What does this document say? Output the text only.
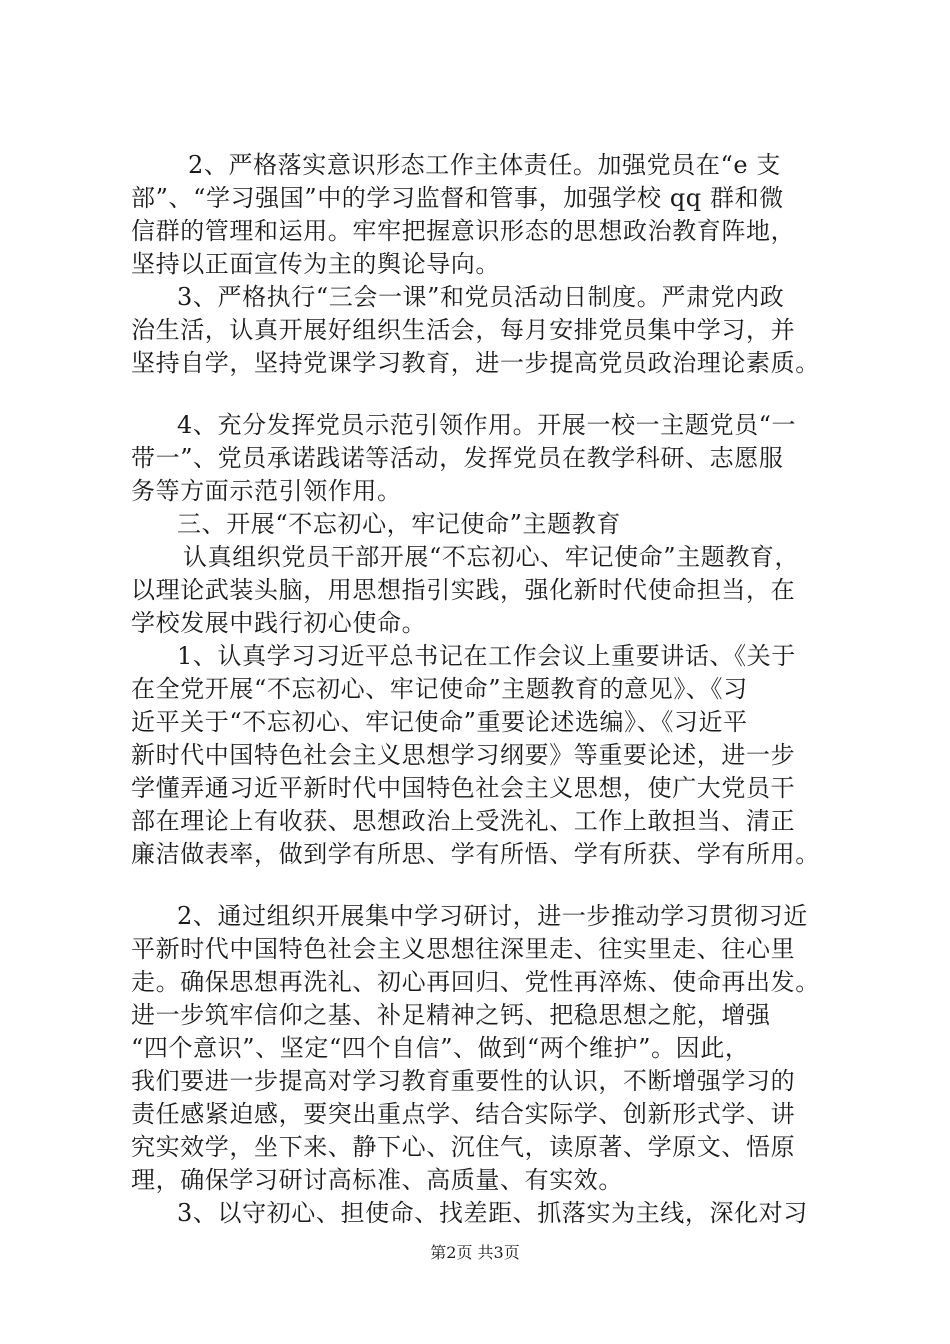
2、严格落实意识形态工作主体责任。加强党员在“e 支
部”、“学习强国”中的学习监督和管事，加强学校 qq 群和微
信群的管理和运用。牢牢把握意识形态的思想政治教育阵地，
坚持以正面宣传为主的舆论导向。
3、严格执行“三会一课”和党员活动日制度。严肃党内政
治生活，认真开展好组织生活会，每月安排党员集中学习，并
坚持自学，坚持党课学习教育，进一步提高党员政治理论素质。
4、充分发挥党员示范引领作用。开展一校一主题党员“一
带一”、党员承诺践诺等活动，发挥党员在教学科研、志愿服
务等方面示范引领作用。
三、开展“不忘初心，牢记使命”主题教育
认真组织党员干部开展“不忘初心、牢记使命”主题教育，
以理论武装头脑，用思想指引实践，强化新时代使命担当，在
学校发展中践行初心使命。
1、认真学习习近平总书记在工作会议上重要讲话、《关于
在全党开展“不忘初心、牢记使命”主题教育的意见》、《习
近平关于“不忘初心、牢记使命”重要论述选编》、《习近平
新时代中国特色社会主义思想学习纲要》等重要论述，进一步
学懂弄通习近平新时代中国特色社会主义思想，使广大党员干
部在理论上有收获、思想政治上受洗礼、工作上敢担当、清正
廉洁做表率，做到学有所思、学有所悟、学有所获、学有所用。
2、通过组织开展集中学习研讨，进一步推动学习贯彻习近
平新时代中国特色社会主义思想往深里走、往实里走、往心里
走。确保思想再洗礼、初心再回归、党性再淬炼、使命再出发。
进一步筑牢信仰之基、补足精神之钙、把稳思想之舵，增强
“四个意识”、坚定“四个自信”、做到“两个维护”。因此，
我们要进一步提高对学习教育重要性的认识，不断增强学习的
责任感紧迫感，要突出重点学、结合实际学、创新形式学、讲
究实效学，坐下来、静下心、沉住气，读原著、学原文、悟原
理，确保学习研讨高标准、高质量、有实效。
3、以守初心、担使命、找差距、抓落实为主线，深化对习
第2页 共3页
